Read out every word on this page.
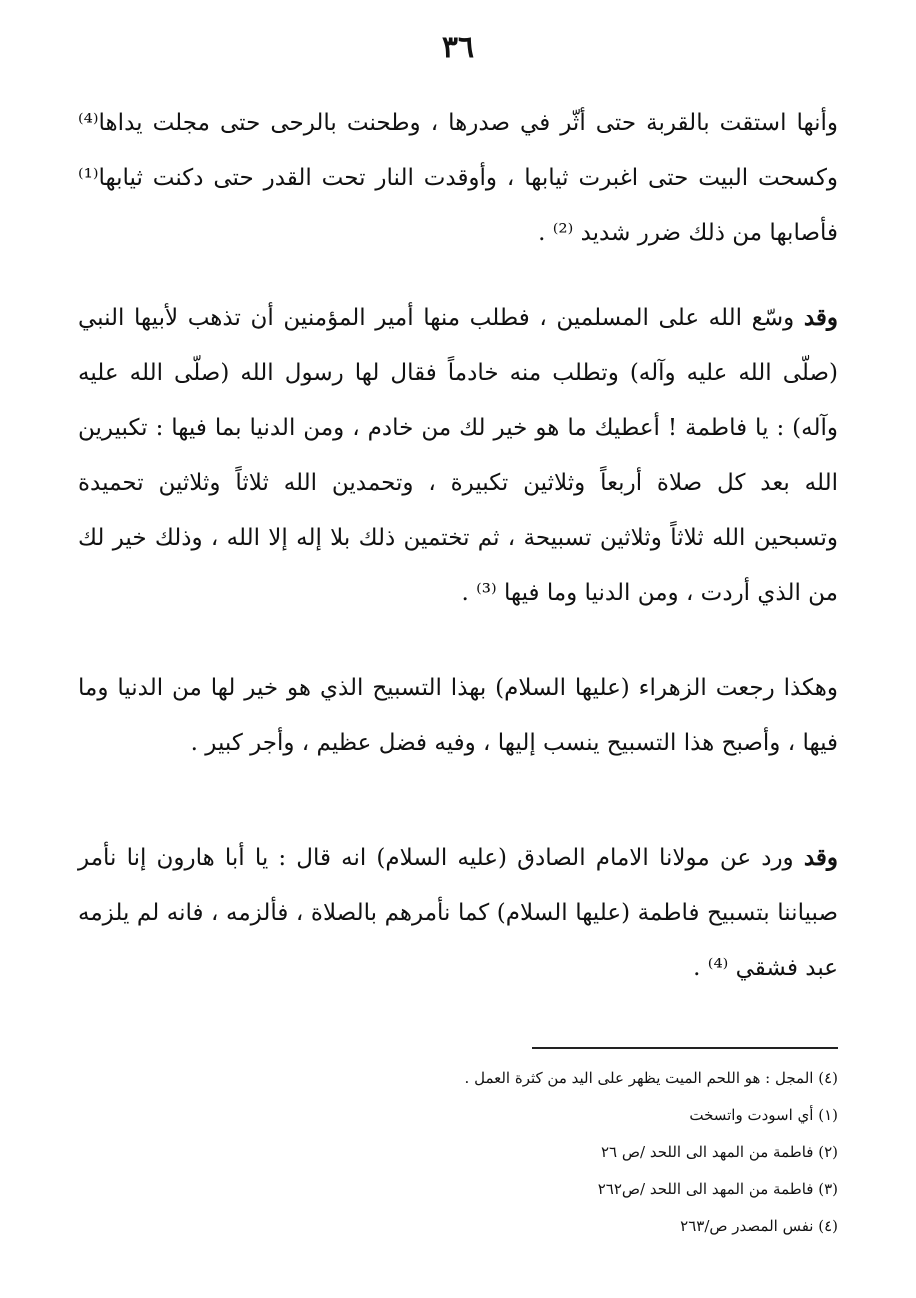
٣٦

وأنها استقت بالقربة حتى أثّر في صدرها ، وطحنت بالرحى حتى مجلت يداها⁽⁴⁾ وكسحت البيت حتى اغبرت ثيابها ، وأوقدت النار تحت القدر حتى دكنت ثيابها⁽¹⁾ فأصابها من ذلك ضرر شديد ⁽²⁾ .

وقد وسّع الله على المسلمين ، فطلب منها أمير المؤمنين أن تذهب لأبيها النبي (صلّى الله عليه وآله) وتطلب منه خادماً فقال لها رسول الله (صلّى الله عليه وآله) : يا فاطمة ! أعطيك ما هو خير لك من خادم ، ومن الدنيا بما فيها : تكبيرين الله بعد كل صلاة أربعاً وثلاثين تكبيرة ، وتحمدين الله ثلاثاً وثلاثين تحميدة وتسبحين الله ثلاثاً وثلاثين تسبيحة ، ثم تختمين ذلك بلا إله إلا الله ، وذلك خير لك من الذي أردت ، ومن الدنيا وما فيها ⁽³⁾ .

وهكذا رجعت الزهراء (عليها السلام) بهذا التسبيح الذي هو خير لها من الدنيا وما فيها ، وأصبح هذا التسبيح ينسب إليها ، وفيه فضل عظيم ، وأجر كبير .

وقد ورد عن مولانا الامام الصادق (عليه السلام) انه قال : يا أبا هارون إنا نأمر صبياننا بتسبيح فاطمة (عليها السلام) كما نأمرهم بالصلاة ، فألزمه ، فانه لم يلزمه عبد فشقي ⁽⁴⁾ .

(٤) المجل : هو اللحم الميت يظهر على اليد من كثرة العمل .
(١) أي اسودت واتسخت
(٢) فاطمة من المهد الى اللحد /ص ٢٦
(٣) فاطمة من المهد الى اللحد /ص٢٦٢
(٤) نفس المصدر ص/٢٦٣
